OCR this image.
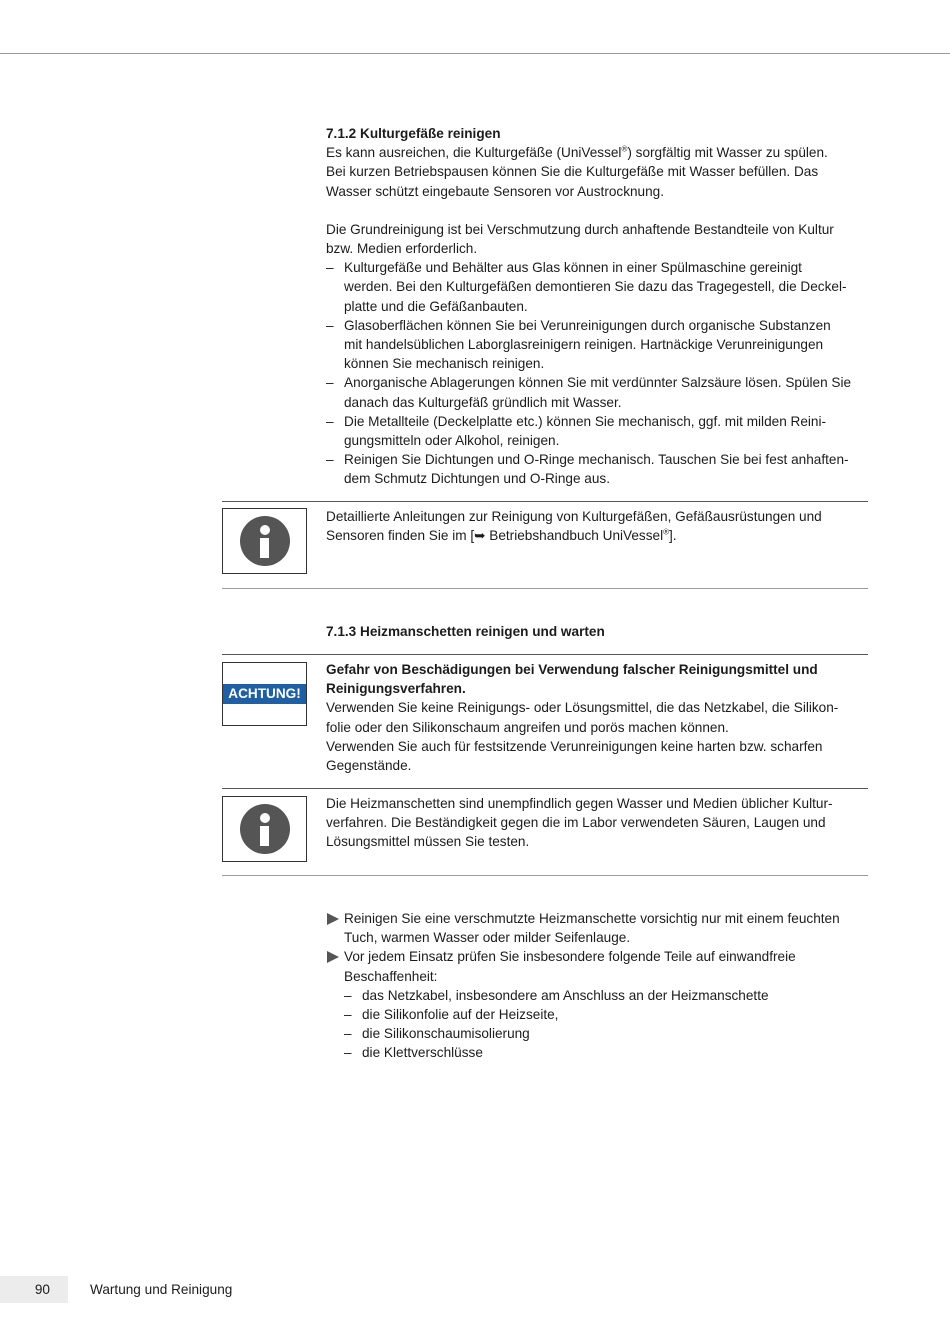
7.1.2 Kulturgefäße reinigen
Es kann ausreichen, die Kulturgefäße (UniVessel®) sorgfältig mit Wasser zu spülen.
Bei kurzen Betriebspausen können Sie die Kulturgefäße mit Wasser befüllen. Das
Wasser schützt eingebaute Sensoren vor Austrocknung.
Die Grundreinigung ist bei Verschmutzung durch anhaftende Bestandteile von Kultur
bzw. Medien erforderlich.
– Kulturgefäße und Behälter aus Glas können in einer Spülmaschine gereinigt
werden. Bei den Kulturgefäßen demontieren Sie dazu das Tragegestell, die Deckel-
platte und die Gefäßanbauten.
– Glasoberflächen können Sie bei Verunreinigungen durch organische Substanzen
mit handelsüblichen Laborglasreinigern reinigen. Hartnäckige Verunreinigungen
können Sie mechanisch reinigen.
– Anorganische Ablagerungen können Sie mit verdünnter Salzsäure lösen. Spülen Sie
danach das Kulturgefäß gründlich mit Wasser.
– Die Metallteile (Deckelplatte etc.) können Sie mechanisch, ggf. mit milden Reini-
gungsmitteln oder Alkohol, reinigen.
– Reinigen Sie Dichtungen und O-Ringe mechanisch. Tauschen Sie bei fest anhaften-
dem Schmutz Dichtungen und O-Ringe aus.
Detaillierte Anleitungen zur Reinigung von Kulturgefäßen, Gefäßausrüstungen und
Sensoren finden Sie im [➥ Betriebshandbuch UniVessel®].
7.1.3 Heizmanschetten reinigen und warten
ACHTUNG!
Gefahr von Beschädigungen bei Verwendung falscher Reinigungsmittel und
Reinigungsverfahren.
Verwenden Sie keine Reinigungs- oder Lösungsmittel, die das Netzkabel, die Silikon-
folie oder den Silikonschaum angreifen und porös machen können.
Verwenden Sie auch für festsitzende Verunreinigungen keine harten bzw. scharfen
Gegenstände.
Die Heizmanschetten sind unempfindlich gegen Wasser und Medien üblicher Kultur-
verfahren. Die Beständigkeit gegen die im Labor verwendeten Säuren, Laugen und
Lösungsmittel müssen Sie testen.
Reinigen Sie eine verschmutzte Heizmanschette vorsichtig nur mit einem feuchten
Tuch, warmen Wasser oder milder Seifenlauge.
Vor jedem Einsatz prüfen Sie insbesondere folgende Teile auf einwandfreie
Beschaffenheit:
– das Netzkabel, insbesondere am Anschluss an der Heizmanschette
– die Silikonfolie auf der Heizseite,
– die Silikonschaumisolierung
– die Klettverschlüsse
90	Wartung und Reinigung
